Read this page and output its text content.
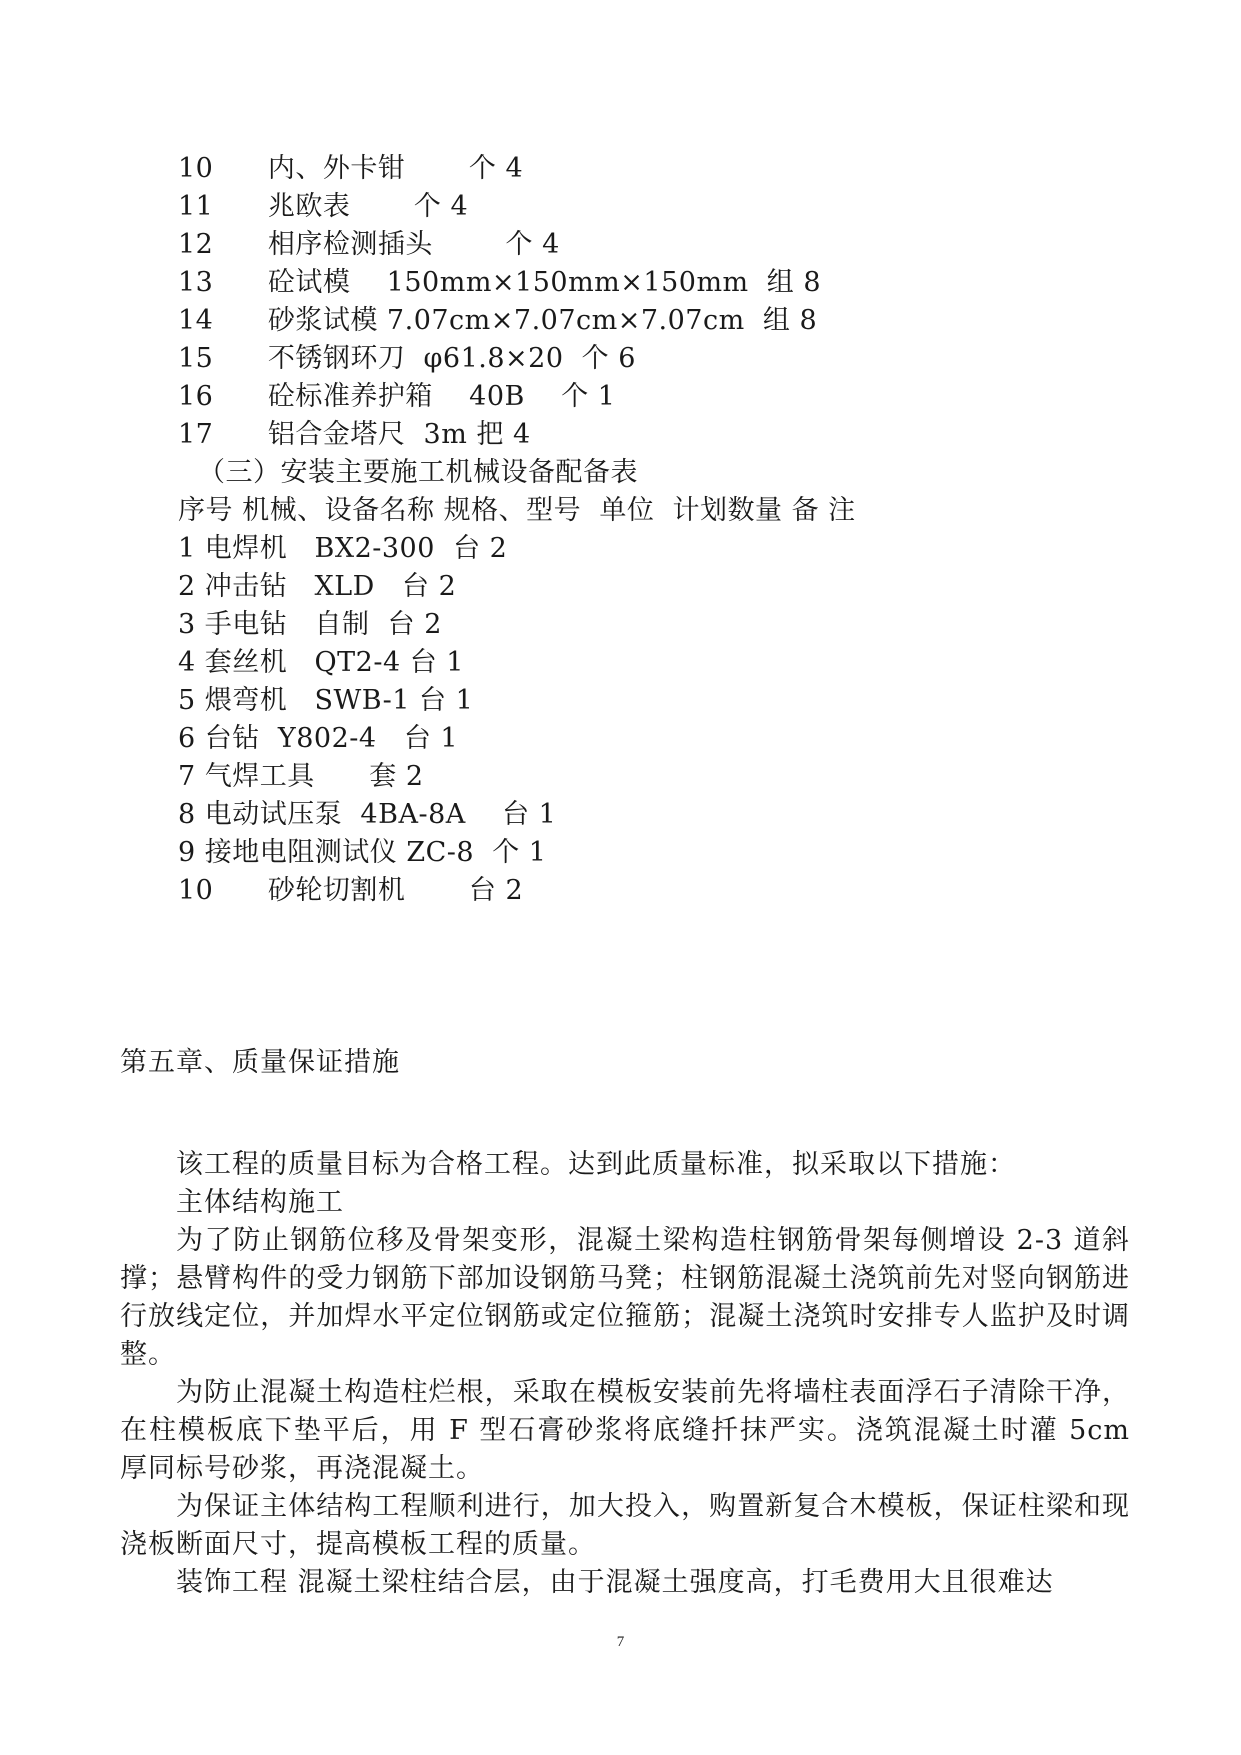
10      内、外卡钳       个 4
11      兆欧表       个 4
12      相序检测插头        个 4
13      砼试模    150mm×150mm×150mm  组 8
14      砂浆试模 7.07cm×7.07cm×7.07cm  组 8
15      不锈钢环刀  φ61.8×20  个 6
16      砼标准养护箱    40B    个 1
17      铝合金塔尺  3m 把 4
（三）安装主要施工机械设备配备表
序号 机械、设备名称 规格、型号  单位  计划数量 备 注
1 电焊机   BX2-300  台 2
2 冲击钻   XLD   台 2
3 手电钻   自制  台 2
4 套丝机   QT2-4 台 1
5 煨弯机   SWB-1 台 1
6 台钻  Y802-4   台 1
7 气焊工具      套 2
8 电动试压泵  4BA-8A    台 1
9 接地电阻测试仪 ZC-8  个 1
10      砂轮切割机       台 2
第五章、质量保证措施
该工程的质量目标为合格工程。达到此质量标准，拟采取以下措施：
主体结构施工
为了防止钢筋位移及骨架变形，混凝土梁构造柱钢筋骨架每侧增设 2-3 道斜撑；悬臂构件的受力钢筋下部加设钢筋马凳；柱钢筋混凝土浇筑前先对竖向钢筋进行放线定位，并加焊水平定位钢筋或定位箍筋；混凝土浇筑时安排专人监护及时调整。
为防止混凝土构造柱烂根，采取在模板安装前先将墙柱表面浮石子清除干净，在柱模板底下垫平后，用 F 型石膏砂浆将底缝扦抹严实。浇筑混凝土时灌 5cm 厚同标号砂浆，再浇混凝土。
为保证主体结构工程顺利进行，加大投入，购置新复合木模板，保证柱梁和现浇板断面尺寸，提高模板工程的质量。
装饰工程 混凝土梁柱结合层，由于混凝土强度高，打毛费用大且很难达
7
